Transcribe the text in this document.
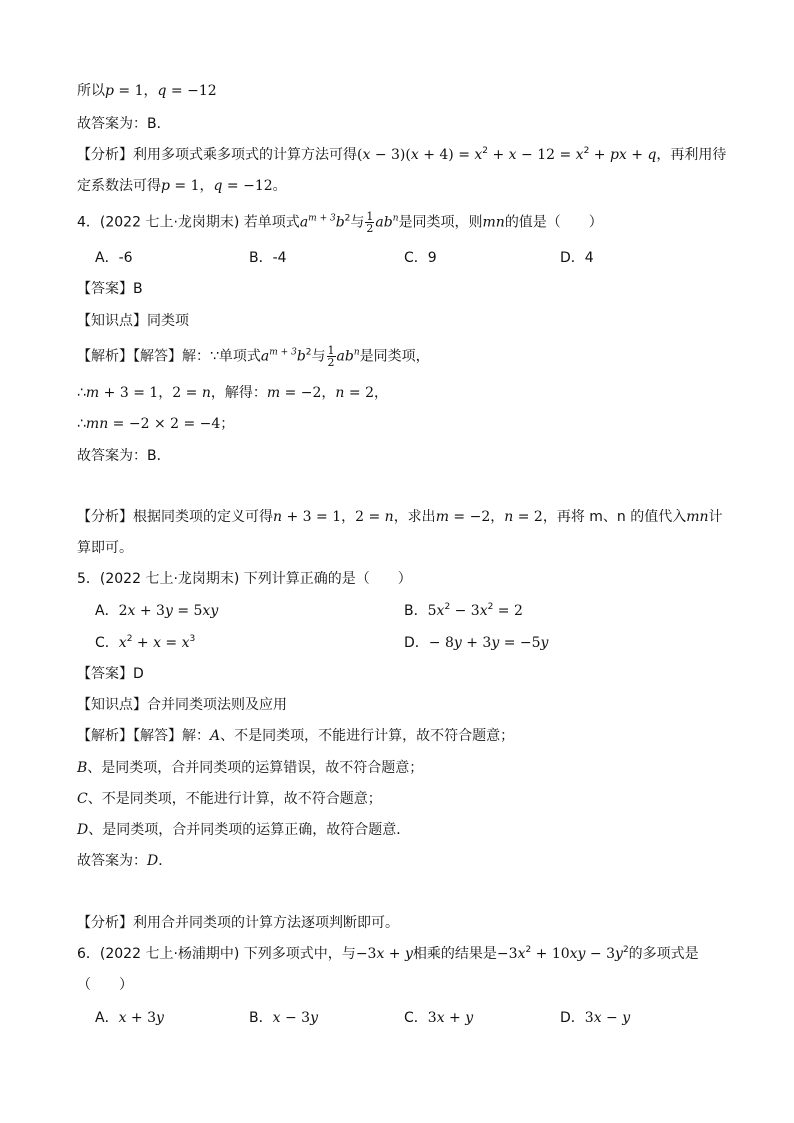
所以p = 1，q = −12
故答案为：B．
【分析】利用多项式乘多项式的计算方法可得$(x - 3)(x + 4) = x^2 + x - 12 = x^2$ + px + q，再利用待
定系数法可得p = 1，q = −12。
4．(2022 七上·龙岗期末) 若单项式$a^{m + 3}b^2$与 $\frac{1}{2} ab^n$是同类项，则mn的值是（　　）
A．-6	B．-4	C．9	D．4
【答案】B
【知识点】同类项
【解析】【解答】解：∵单项式$a^{m + 3}b^2$与 $\frac{1}{2} ab^n$是同类项，
∴m + 3 = 1，2 = n，解得：m = −2，n = 2，
∴mn = −2 × 2 = −4；
故答案为：B．
【分析】根据同类项的定义可得n + 3 = 1，2 = n，求出m = −2，n = 2，再将 m、n 的值代入mn计
算即可。
5．(2022 七上·龙岗期末) 下列计算正确的是（　　）
A．2x + 3y = 5xy	B．$5x^2 - 3x^2 = 2$
C．$x^2 + x = x^3$	D．− 8y + 3y = −5y
【答案】D
【知识点】合并同类项法则及应用
【解析】【解答】解：A、不是同类项，不能进行计算，故不符合题意；
B、是同类项，合并同类项的运算错误，故不符合题意；
C、不是同类项，不能进行计算，故不符合题意；
D、是同类项，合并同类项的运算正确，故符合题意．
故答案为：D．
【分析】利用合并同类项的计算方法逐项判断即可。
6．(2022 七上·杨浦期中) 下列多项式中，与−3x + y相乘的结果是$-3x^2 + 10xy - 3y^2$的多项式是
（　　）
A．x + 3y	B．x − 3y	C．3x + y	D．3x − y
